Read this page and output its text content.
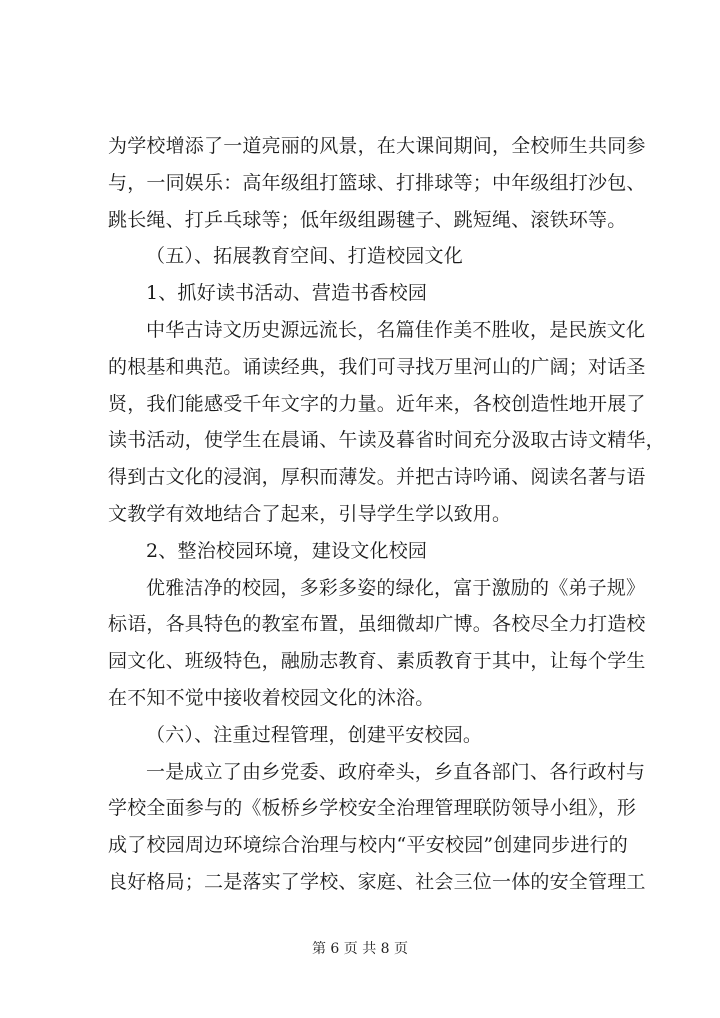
为学校增添了一道亮丽的风景，在大课间期间，全校师生共同参
与，一同娱乐：高年级组打篮球、打排球等；中年级组打沙包、
跳长绳、打乒乓球等；低年级组踢毽子、跳短绳、滚铁环等。
（五）、拓展教育空间、打造校园文化
1、抓好读书活动、营造书香校园
中华古诗文历史源远流长，名篇佳作美不胜收，是民族文化
的根基和典范。诵读经典，我们可寻找万里河山的广阔；对话圣
贤，我们能感受千年文字的力量。近年来，各校创造性地开展了
读书活动，使学生在晨诵、午读及暮省时间充分汲取古诗文精华，
得到古文化的浸润，厚积而薄发。并把古诗吟诵、阅读名著与语
文教学有效地结合了起来，引导学生学以致用。
2、整治校园环境，建设文化校园
优雅洁净的校园，多彩多姿的绿化，富于激励的《弟子规》
标语，各具特色的教室布置，虽细微却广博。各校尽全力打造校
园文化、班级特色，融励志教育、素质教育于其中，让每个学生
在不知不觉中接收着校园文化的沐浴。
（六）、注重过程管理，创建平安校园。
一是成立了由乡党委、政府牵头，乡直各部门、各行政村与
学校全面参与的《板桥乡学校安全治理管理联防领导小组》，形
成了校园周边环境综合治理与校内“平安校园”创建同步进行的
良好格局；二是落实了学校、家庭、社会三位一体的安全管理工
第 6 页 共 8 页
